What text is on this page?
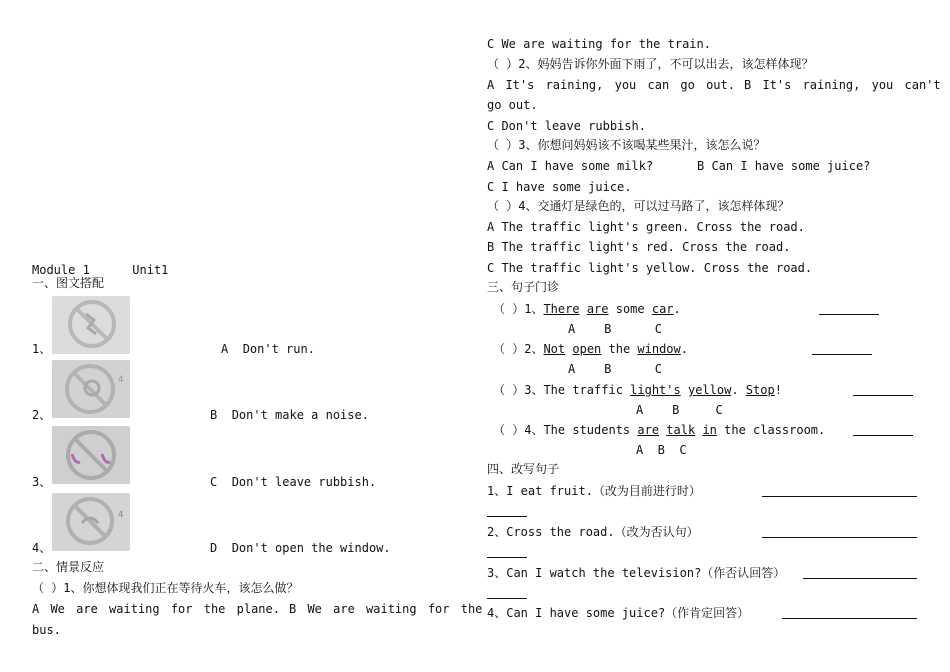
Module 1	Unit1
一、图文搭配
4
4
1、	A Don't run.
2、	B Don't make a noise.
3、	C Don't leave rubbish.
4、	D Don't open the window.
二、情景反应
（ ）1、你想体现我们正在等待火车，该怎么做？
A We are waiting for the plane. B We are waiting for the
bus.
C We are waiting for the train.
（ ）2、妈妈告诉你外面下雨了，不可以出去，该怎样体现？
A It's raining, you can go out. B It's raining, you can't
go out.
C Don't leave rubbish.
（ ）3、你想问妈妈该不该喝某些果汁，该怎么说？
A Can I have some milk?	B Can I have some juice?
C I have some juice.
（ ）4、交通灯是绿色的，可以过马路了，该怎样体现？
A The traffic light's green. Cross the road.
B The traffic light's red. Cross the road.
C The traffic light's yellow. Cross the road.
三、句子门诊
（ ）1、There are some car.
A    B      C
（ ）2、Not open the window.
A    B      C
（ ）3、The traffic light's yellow. Stop!
A    B     C
（ ）4、The students are talk in the classroom.
A  B  C
四、改写句子
1、I eat fruit.（改为目前进行时）
2、Cross the road.（改为否认句）
3、Can I watch the television?（作否认回答）
4、Can I have some juice?（作肯定回答）
